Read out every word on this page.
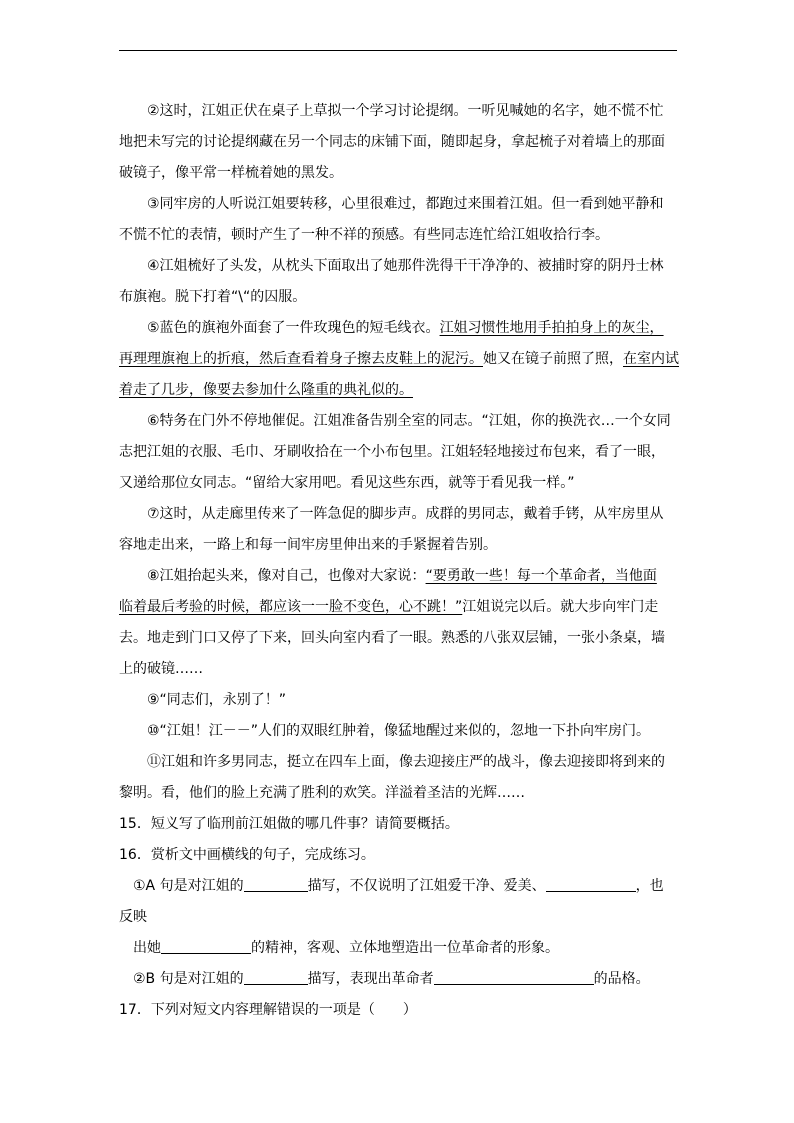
②这时，江姐正伏在桌子上草拟一个学习讨论提纲。一听见喊她的名字，她不慌不忙
地把未写完的讨论提纲藏在另一个同志的床铺下面，随即起身，拿起梳子对着墙上的那面
破镜子，像平常一样梳着她的黑发。
③同牢房的人听说江姐要转移，心里很难过，都跑过来围着江姐。但一看到她平静和
不慌不忙的表情，顿时产生了一种不祥的预感。有些同志连忙给江姐收拾行李。
④江姐梳好了头发，从枕头下面取出了她那件洗得干干净净的、被捕时穿的阴丹士林
布旗袍。脱下打着“\“的囚服。
⑤蓝色的旗袍外面套了一件玫瑰色的短毛线衣。江姐习惯性地用手拍拍身上的灰尘，
再理理旗袍上的折痕，然后查看着身子擦去皮鞋上的泥污。她又在镜子前照了照，在室内试
着走了几步，像要去参加什么隆重的典礼似的。
⑥特务在门外不停地催促。江姐准备告别全室的同志。“江姐，你的换洗衣…一个女同
志把江姐的衣服、毛巾、牙刷收拾在一个小布包里。江姐轻轻地接过布包来，看了一眼，
又递给那位女同志。“留给大家用吧。看见这些东西，就等于看见我一样。”
⑦这时，从走廊里传来了一阵急促的脚步声。成群的男同志，戴着手铐，从牢房里从
容地走出来，一路上和每一间牢房里伸出来的手紧握着告别。
⑧江姐抬起头来，像对自己，也像对大家说：“要勇敢一些！每一个革命者，当他面
临着最后考验的时候，都应该一一脸不变色，心不跳！”江姐说完以后。就大步向牢门走
去。地走到门口又停了下来，回头向室内看了一眼。熟悉的八张双层铺，一张小条桌，墙
上的破镜……
⑨“同志们，永别了！”
⑩“江姐！江－－”人们的双眼红肿着，像猛地醒过来似的，忽地一下扑向牢房门。
⑪江姐和许多男同志，挺立在四车上面，像去迎接庄严的战斗，像去迎接即将到来的
黎明。看，他们的脸上充满了胜利的欢笑。洋溢着圣洁的光辉……
15．短义写了临刑前江姐做的哪几件事？请简要概括。
16．赏析文中画横线的句子，完成练习。
①A 句是对江姐的	描写，不仅说明了江姐爱干净、爱美、	，也
反映
出她	的精神，客观、立体地塑造出一位革命者的形象。
②B 句是对江姐的	描写，表现出革命者	的品格。
17．下列对短文内容理解错误的一项是（　　）
